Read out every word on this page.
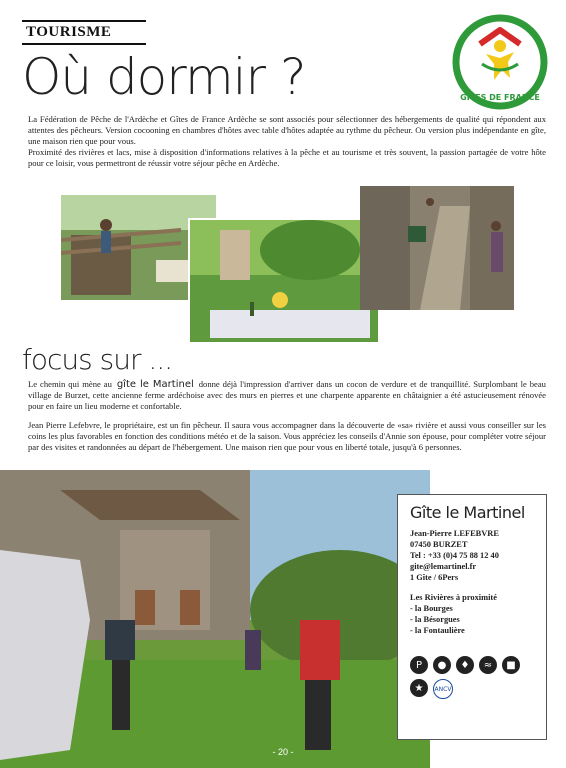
TOURISME
Où dormir ?	GÎTES DE FRANCE

La Fédération de Pêche de l'Ardèche et Gîtes de France Ardèche se sont associés pour sélectionner des hébergements de qualité qui répondent aux attentes des pêcheurs. Version cocooning en chambres d'hôtes avec table d'hôtes adaptée au rythme du pêcheur. Ou version plus indépendante en gîte, une maison rien que pour vous.

Proximité des rivières et lacs, mise à disposition d'informations relatives à la pêche et au tourisme et très souvent, la passion partagée de votre hôte pour ce loisir, vous permettront de réussir votre séjour pêche en Ardèche.

focus sur ...

Le chemin qui mène au gîte le Martinel donne déjà l'impression d'arriver dans un cocon de verdure et de tranquillité. Surplombant le beau village de Burzet, cette ancienne ferme ardéchoise avec des murs en pierres et une charpente apparente en châtaignier a été astucieusement rénovée pour en faire un lieu moderne et confortable.

Jean Pierre Lefebvre, le propriétaire, est un fin pêcheur. Il saura vous accompagner dans la découverte de «sa» rivière et aussi vous conseiller sur les coins les plus favorables en fonction des conditions météo et de la saison. Vous appréciez les conseils d'Annie son épouse, pour compléter votre séjour par des visites et randonnées au départ de l'hébergement. Une maison rien que pour vous en liberté totale, jusqu'à 6 personnes.

Gîte le Martinel
Jean-Pierre LEFEBVRE
07450 BURZET
Tel : +33 (0)4 75 88 12 40
gite@lemartinel.fr
1 Gîte / 6Pers
Les Rivières à proximité
- la Bourges
- la Bésorgues
- la Fontaulière
P	●	♦	≈	■
★	ANCV
- 20 -
